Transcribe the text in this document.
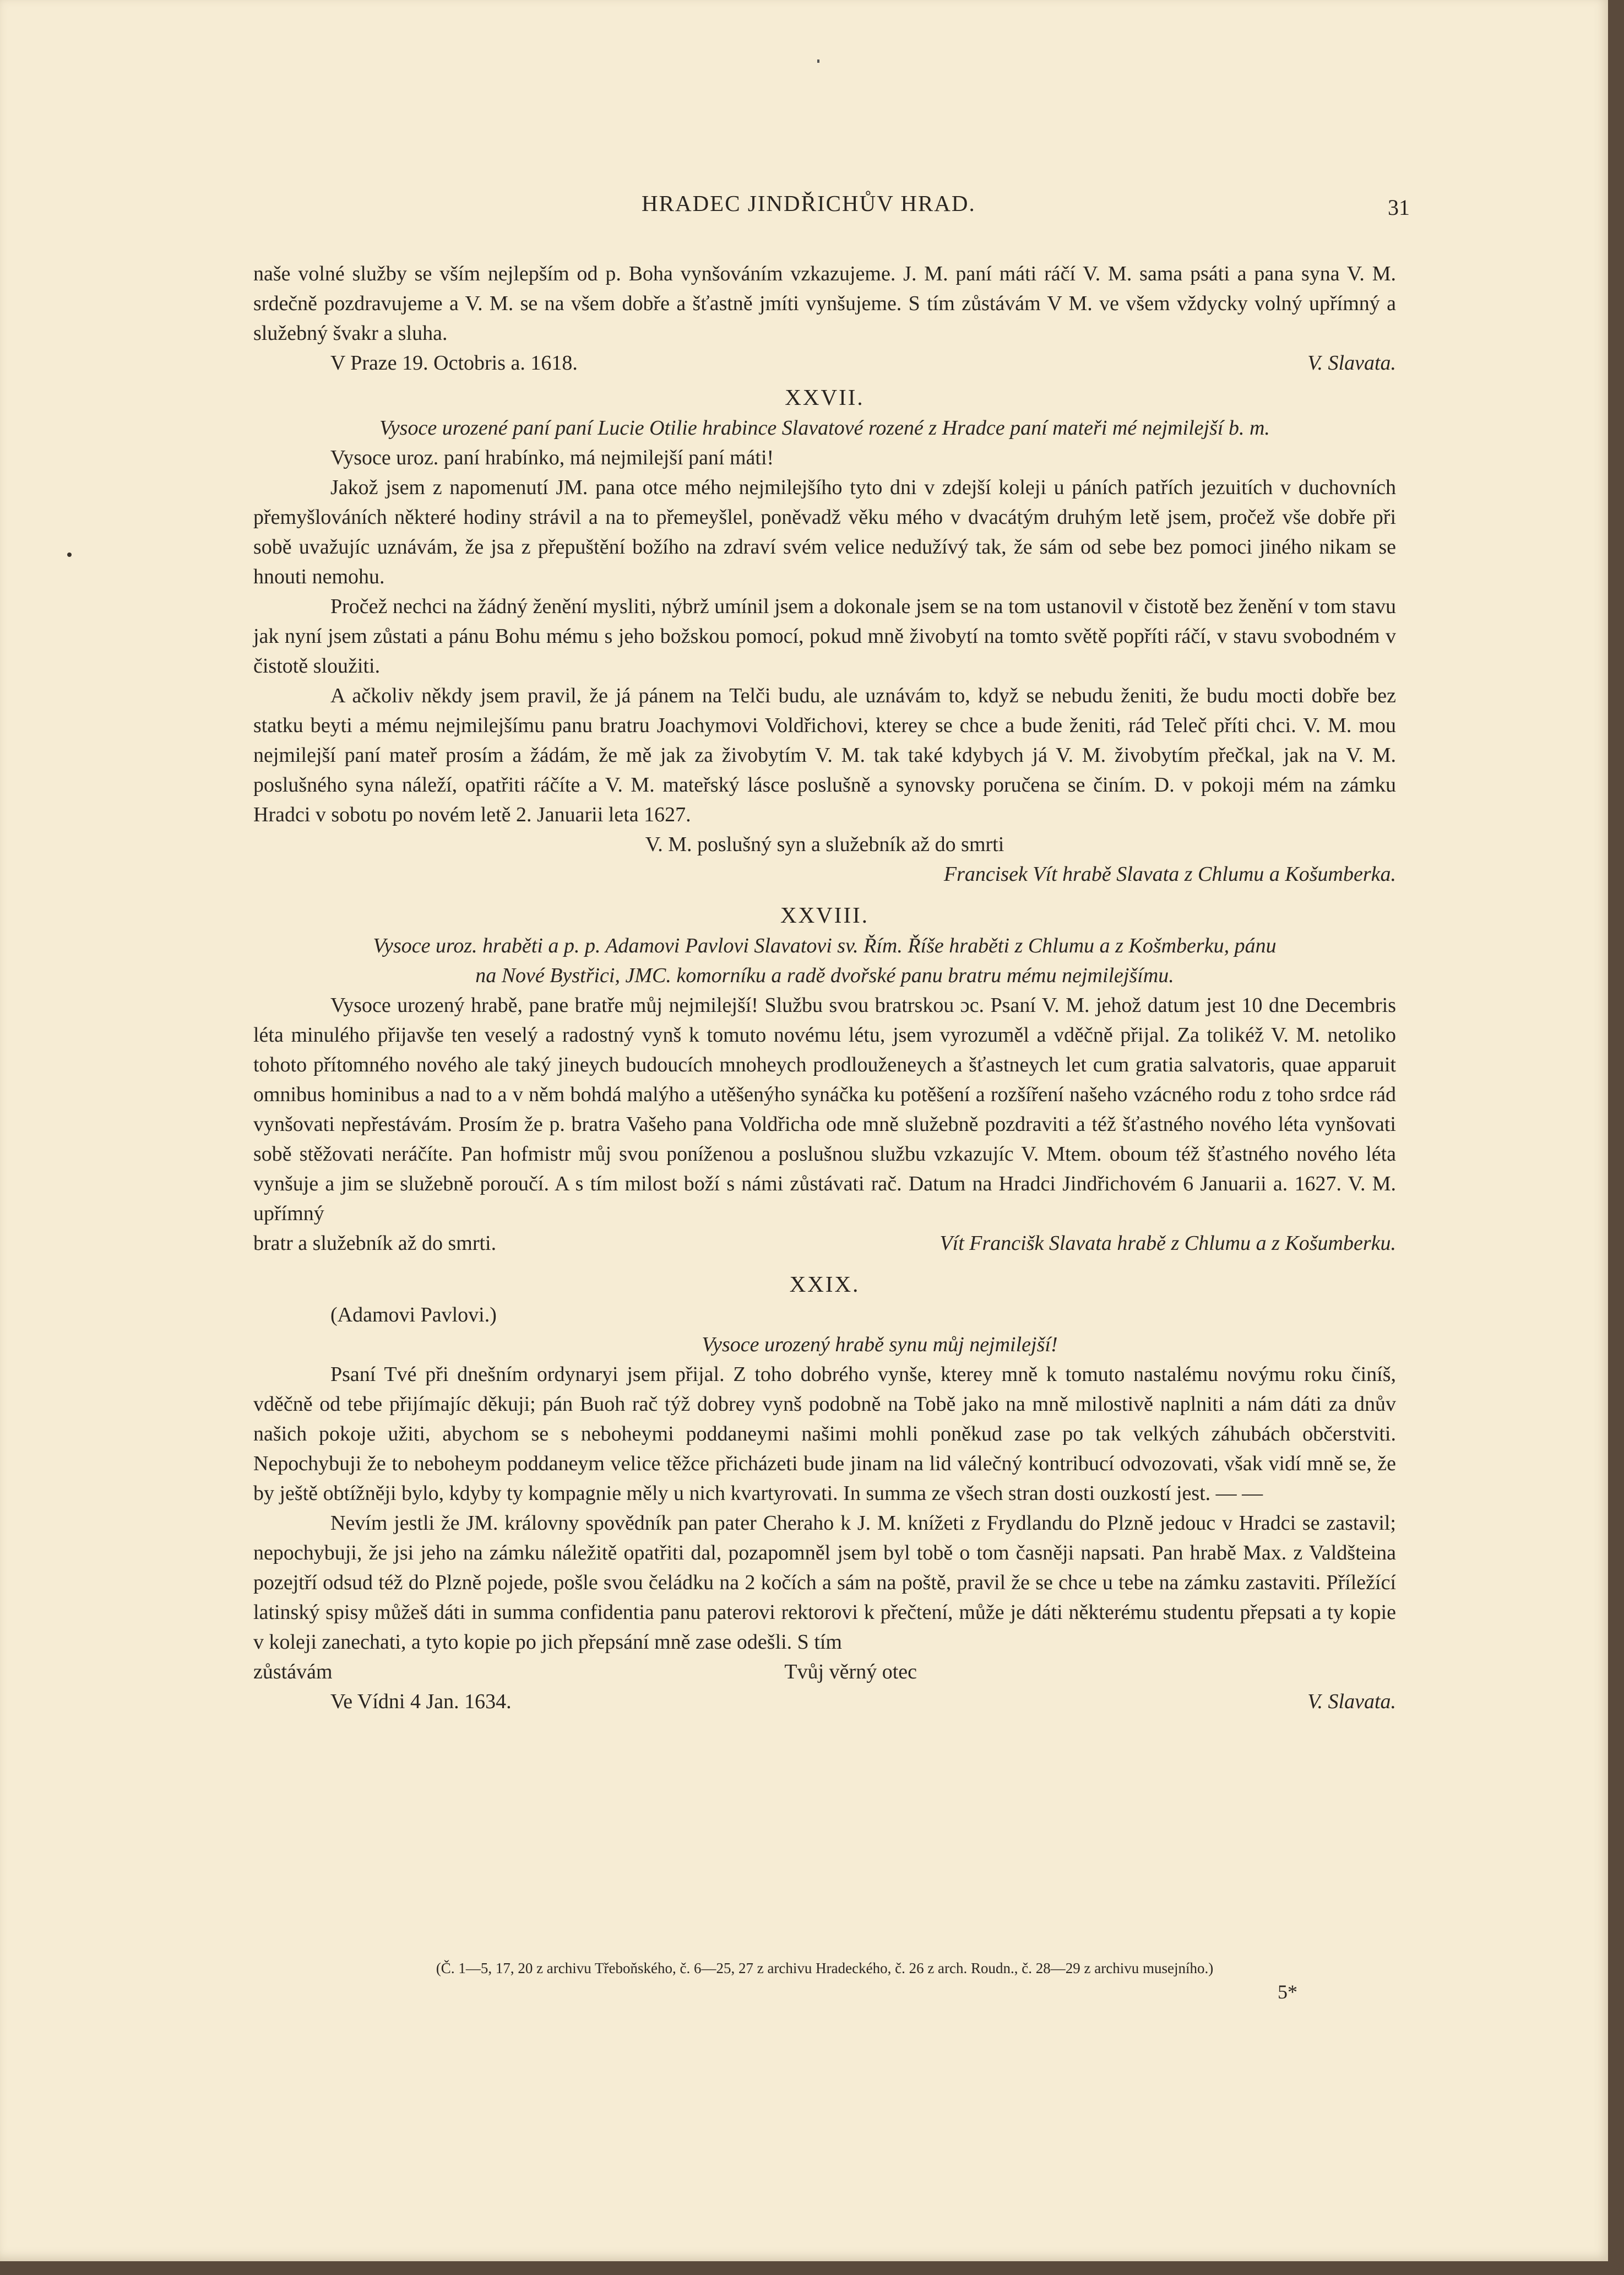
HRADEC JINDŘICHŮV HRAD.	31

naše volné služby se vším nejlepším od p. Boha vynšováním vzkazujeme. J. M. paní máti ráčí V. M. sama psáti a pana syna V. M. srdečně pozdravujeme a V. M. se na všem dobře a šťastně jmíti vynšujeme. S tím zůstávám V M. ve všem vždycky volný upřímný a služebný švakr a sluha.

V Praze 19. Octobris a. 1618.	V. Slavata.
XXVII.

Vysoce urozené paní paní Lucie Otilie hrabince Slavatové rozené z Hradce paní mateři mé nejmilejší b. m.

Vysoce uroz. paní hrabínko, má nejmilejší paní máti!

Jakož jsem z napomenutí JM. pana otce mého nejmilejšího tyto dni v zdejší koleji u páních patřích jezuitích v duchovních přemyšlováních některé hodiny strávil a na to přemeyšlel, poněvadž věku mého v dvacátým druhým letě jsem, pročež vše dobře při sobě uvažujíc uznávám, že jsa z přepuštění božího na zdraví svém velice nedužívý tak, že sám od sebe bez pomoci jiného nikam se hnouti nemohu.

Pročež nechci na žádný ženění mysliti, nýbrž umínil jsem a dokonale jsem se na tom ustanovil v čistotě bez ženění v tom stavu jak nyní jsem zůstati a pánu Bohu mému s jeho božskou pomocí, pokud mně živobytí na tomto světě popříti ráčí, v stavu svobodném v čistotě sloužiti.

A ačkoliv někdy jsem pravil, že já pánem na Telči budu, ale uznávám to, když se nebudu ženiti, že budu mocti dobře bez statku beyti a mému nejmilejšímu panu bratru Joachymovi Voldřichovi, kterey se chce a bude ženiti, rád Teleč příti chci. V. M. mou nejmilejší paní mateř prosím a žádám, že mě jak za živobytím V. M. tak také kdybych já V. M. živobytím přečkal, jak na V. M. poslušného syna náleží, opatřiti ráčíte a V. M. mateřský lásce poslušně a synovsky poručena se činím. D. v pokoji mém na zámku Hradci v sobotu po novém letě 2. Januarii leta 1627.

V. M. poslušný syn a služebník až do smrti

Francisek Vít hrabě Slavata z Chlumu a Košumberka.

XXVIII.

Vysoce uroz. hraběti a p. p. Adamovi Pavlovi Slavatovi sv. Řím. Říše hraběti z Chlumu a z Košmberku, pánu

na Nové Bystřici, JMC. komorníku a radě dvořské panu bratru mému nejmilejšímu.

Vysoce urozený hrabě, pane bratře můj nejmilejší! Službu svou bratrskou ɔc. Psaní V. M. jehož datum jest 10 dne Decembris léta minulého přijavše ten veselý a radostný vynš k tomuto novému létu, jsem vyrozuměl a vděčně přijal. Za tolikéž V. M. netoliko tohoto přítomného nového ale taký jineych budoucích mnoheych prodlouženeych a šťastneych let cum gratia salvatoris, quae apparuit omnibus hominibus a nad to a v něm bohdá malýho a utěšenýho synáčka ku potěšení a rozšíření našeho vzácného rodu z toho srdce rád vynšovati nepřestávám. Prosím že p. bratra Vašeho pana Voldřicha ode mně služebně pozdraviti a též šťastného nového léta vynšovati sobě stěžovati neráčíte. Pan hofmistr můj svou poníženou a poslušnou službu vzkazujíc V. Mtem. oboum též šťastného nového léta vynšuje a jim se služebně poroučí. A s tím milost boží s námi zůstávati rač. Datum na Hradci Jindřichovém 6 Januarii a. 1627. V. M. upřímný

bratr a služebník až do smrti.	Vít Francišk Slavata hrabě z Chlumu a z Košumberku.
XXIX.

(Adamovi Pavlovi.)

Vysoce urozený hrabě synu můj nejmilejší!

Psaní Tvé při dnešním ordynaryi jsem přijal. Z toho dobrého vynše, kterey mně k tomuto nastalému novýmu roku činíš, vděčně od tebe přijímajíc děkuji; pán Buoh rač týž dobrey vynš podobně na Tobě jako na mně milostivě naplniti a nám dáti za dnův našich pokoje užiti, abychom se s neboheymi poddaneymi našimi mohli poněkud zase po tak velkých záhubách občerstviti. Nepochybuji že to neboheym poddaneym velice těžce přicházeti bude jinam na lid válečný kontribucí odvozovati, však vidí mně se, že by ještě obtížněji bylo, kdyby ty kompagnie měly u nich kvartyrovati. In summa ze všech stran dosti ouzkostí jest. — —

Nevím jestli že JM. královny spovědník pan pater Cheraho k J. M. knížeti z Frydlandu do Plzně jedouc v Hradci se zastavil; nepochybuji, že jsi jeho na zámku náležitě opatřiti dal, pozapomněl jsem byl tobě o tom časněji napsati. Pan hrabě Max. z Valdšteina pozejtří odsud též do Plzně pojede, pošle svou čeládku na 2 kočích a sám na poště, pravil že se chce u tebe na zámku zastaviti. Příležící latinský spisy můžeš dáti in summa confidentia panu paterovi rektorovi k přečtení, může je dáti některému studentu přepsati a ty kopie v koleji zanechati, a tyto kopie po jich přepsání mně zase odešli. S tím

zůstávám	Tvůj věrný otec
Ve Vídni 4 Jan. 1634.	V. Slavata.
(Č. 1—5, 17, 20 z archivu Třeboňského, č. 6—25, 27 z archivu Hradeckého, č. 26 z arch. Roudn., č. 28—29 z archivu musejního.)
5*
